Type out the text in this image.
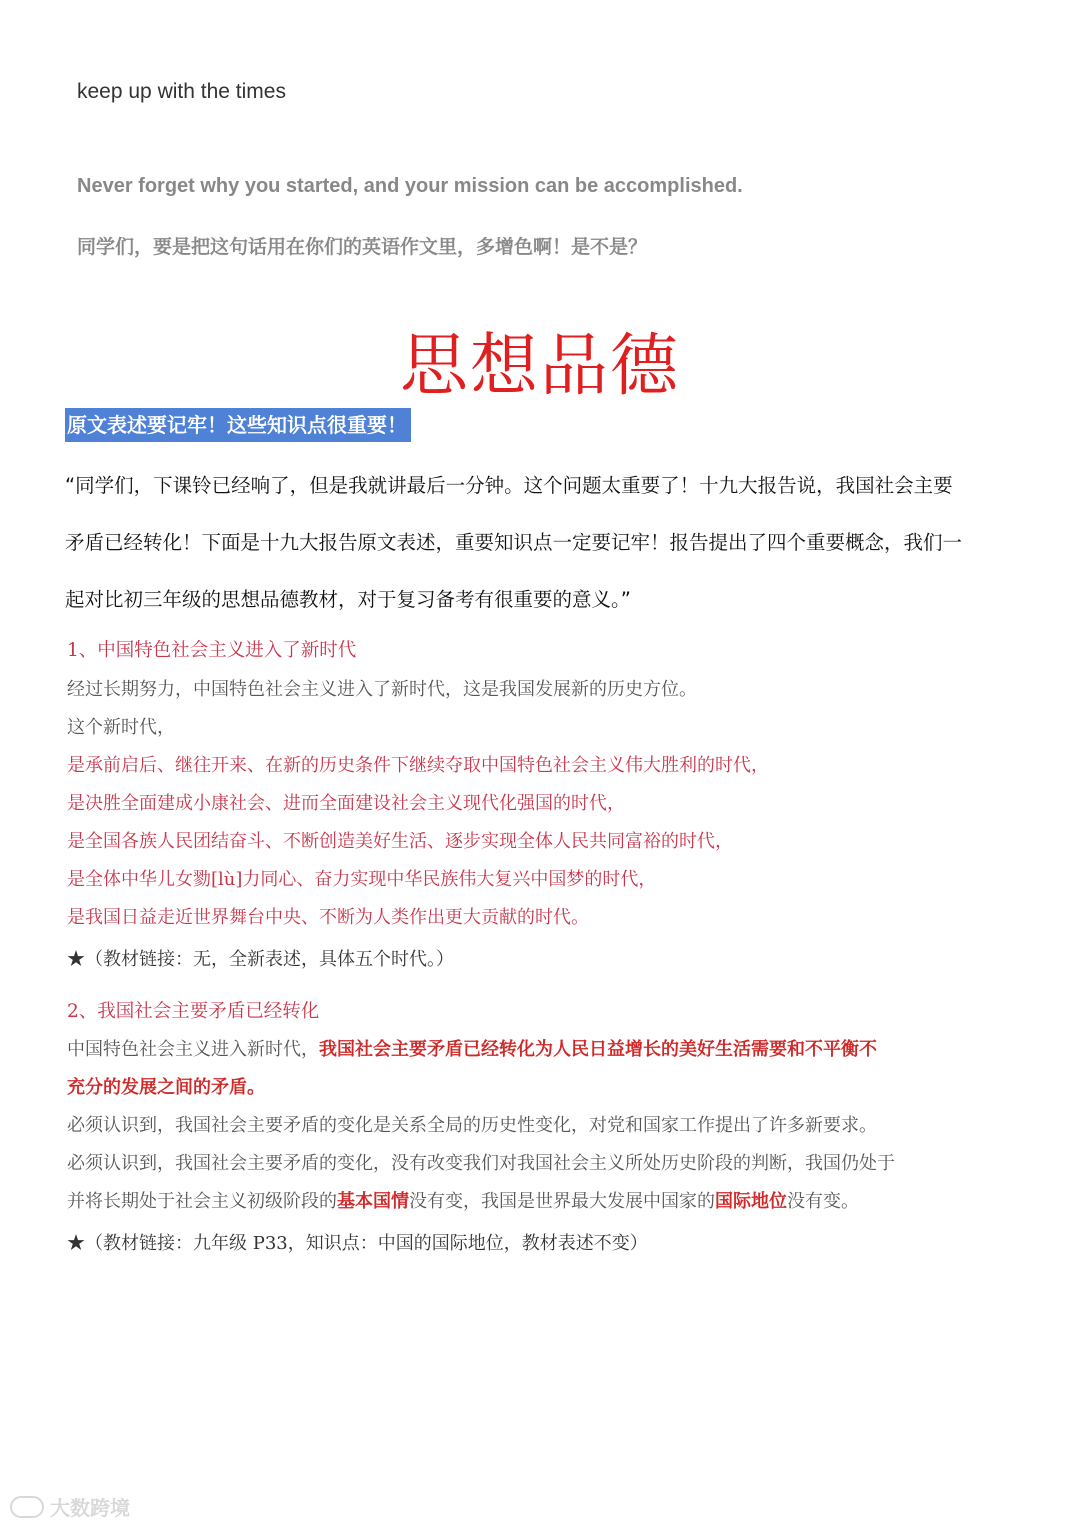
keep up with the times
Never forget why you started, and your mission can be accomplished.
同学们，要是把这句话用在你们的英语作文里，多增色啊！是不是？
思想品德
原文表述要记牢！这些知识点很重要！
“同学们，下课铃已经响了，但是我就讲最后一分钟。这个问题太重要了！十九大报告说，我国社会主要
矛盾已经转化！下面是十九大报告原文表述，重要知识点一定要记牢！报告提出了四个重要概念，我们一
起对比初三年级的思想品德教材，对于复习备考有很重要的意义。”
1、中国特色社会主义进入了新时代
经过长期努力，中国特色社会主义进入了新时代，这是我国发展新的历史方位。
这个新时代，
是承前启后、继往开来、在新的历史条件下继续夺取中国特色社会主义伟大胜利的时代，
是决胜全面建成小康社会、进而全面建设社会主义现代化强国的时代，
是全国各族人民团结奋斗、不断创造美好生活、逐步实现全体人民共同富裕的时代，
是全体中华儿女勠[lù]力同心、奋力实现中华民族伟大复兴中国梦的时代，
是我国日益走近世界舞台中央、不断为人类作出更大贡献的时代。
★（教材链接：无，全新表述，具体五个时代。）
2、我国社会主要矛盾已经转化
中国特色社会主义进入新时代，我国社会主要矛盾已经转化为人民日益增长的美好生活需要和不平衡不
充分的发展之间的矛盾。
必须认识到，我国社会主要矛盾的变化是关系全局的历史性变化，对党和国家工作提出了许多新要求。
必须认识到，我国社会主要矛盾的变化，没有改变我们对我国社会主义所处历史阶段的判断，我国仍处于
并将长期处于社会主义初级阶段的基本国情没有变，我国是世界最大发展中国家的国际地位没有变。
★（教材链接：九年级 P33，知识点：中国的国际地位，教材表述不变）
大数跨境
